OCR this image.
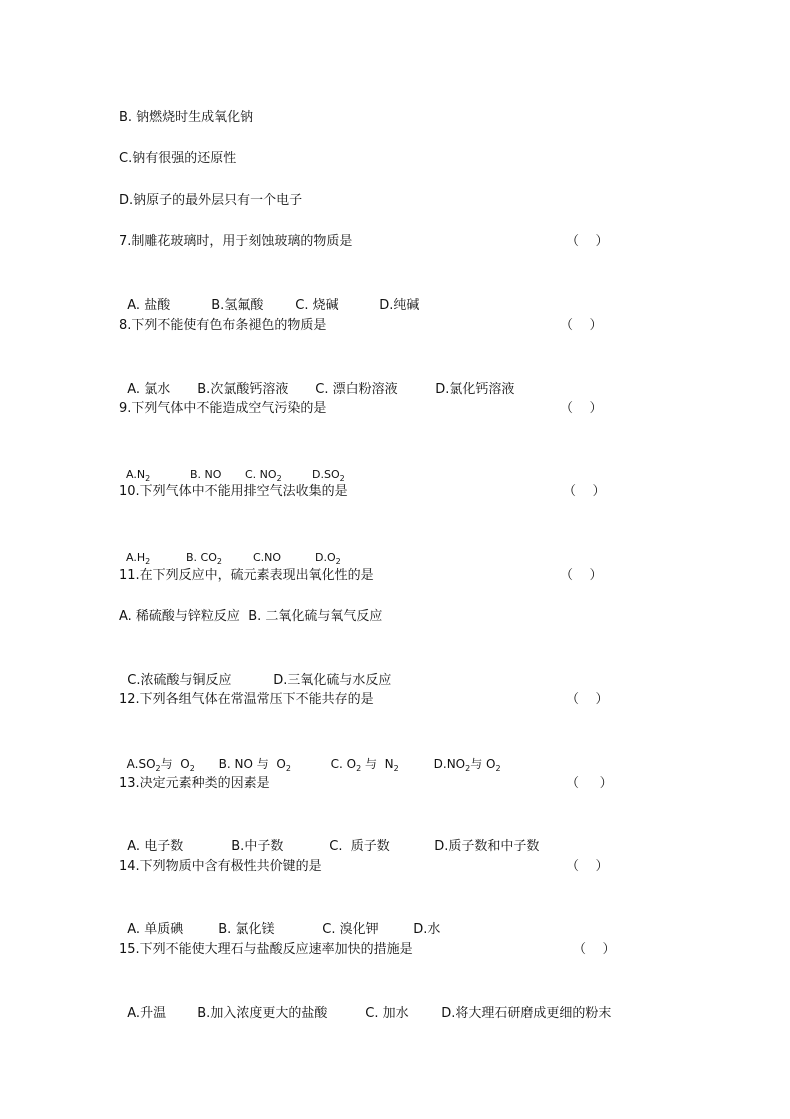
B. 钠燃烧时生成氧化钠
C.钠有很强的还原性
D.钠原子的最外层只有一个电子
7.制雕花玻璃时，用于刻蚀玻璃的物质是	（    ）

A. 盐酸	B.氢氟酸 C. 烧碱	D.纯碱

8.下列不能使有色布条褪色的物质是	（    ）

A. 氯水 B.次氯酸钙溶液 C. 漂白粉溶液	D.氯化钙溶液

9.下列气体中不能造成空气污染的是	（    ）

$A.N_2$	B. NO C. $NO_2$	$D.SO_2$

10.下列气体中不能用排空气法收集的是	（    ）

$A.H_2$	B. $CO_2$	C.NO	$D.O_2$

11.在下列反应中，硫元素表现出氧化性的是	（    ）
A. 稀硫酸与锌粒反应  B. 二氧化硫与氧气反应

C.浓硫酸与铜反应	D.三氧化硫与水反应

12.下列各组气体在常温常压下不能共存的是	（    ）

$A.SO_2$与  $O_2$ B. NO 与  $O_2$	C. $O_2$ 与  $N_2$	$D.NO_2$与 $O_2$

13.决定元素种类的因素是	（     ）

A. 电子数	B.中子数	C.  质子数	D.质子数和中子数

14.下列物质中含有极性共价键的是	（    ）

A. 单质碘	B. 氯化镁	C. 溴化钾	D.水

15.下列不能使大理石与盐酸反应速率加快的措施是	（    ）

A.升温 B.加入浓度更大的盐酸	C. 加水	D.将大理石研磨成更细的粉末
